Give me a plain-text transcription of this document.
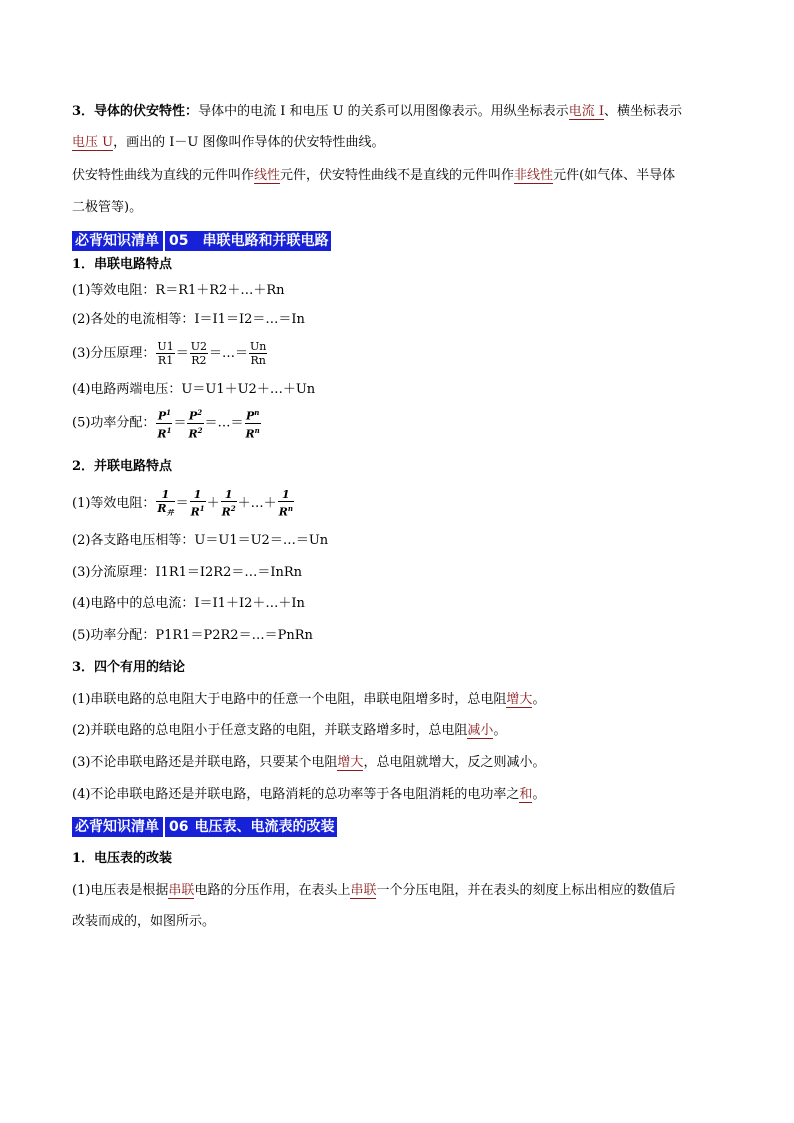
3．导体的伏安特性：导体中的电流 I 和电压 U 的关系可以用图像表示。用纵坐标表示电流 I、横坐标表示
电压 U，画出的 I－U 图像叫作导体的伏安特性曲线。
伏安特性曲线为直线的元件叫作线性元件，伏安特性曲线不是直线的元件叫作非线性元件(如气体、半导体
二极管等)。
必背知识清单 05 串联电路和并联电路
1．串联电路特点
(1)等效电阻：R＝R1＋R2＋…＋Rn
(2)各处的电流相等：I＝I1＝I2＝…＝In
(3)分压原理： $\frac{U1}{R1} = \frac{U2}{R2}$ ＝…＝ $\frac{Un}{Rn}$
(4)电路两端电压：U＝U1＋U2＋…＋Un
(5)功率分配： $\frac{P^1}{R^1} = \frac{P^2}{R^2}$ ＝…＝ $\frac{P^n}{R^n}$
2．并联电路特点
(1)等效电阻： $\frac{1}{R_并} = \frac{1}{R^1} + \frac{1}{R^2}$ ＋…＋ $\frac{1}{R^n}$
(2)各支路电压相等：U＝U1＝U2＝…＝Un
(3)分流原理：I1R1＝I2R2＝…＝InRn
(4)电路中的总电流：I＝I1＋I2＋…＋In
(5)功率分配：P1R1＝P2R2＝…＝PnRn
3．四个有用的结论
(1)串联电路的总电阻大于电路中的任意一个电阻，串联电阻增多时，总电阻增大。
(2)并联电路的总电阻小于任意支路的电阻，并联支路增多时，总电阻减小。
(3)不论串联电路还是并联电路，只要某个电阻增大，总电阻就增大，反之则减小。
(4)不论串联电路还是并联电路，电路消耗的总功率等于各电阻消耗的电功率之和。
必背知识清单 06 电压表、电流表的改装
1．电压表的改装
(1)电压表是根据串联电路的分压作用，在表头上串联一个分压电阻，并在表头的刻度上标出相应的数值后
改装而成的，如图所示。
